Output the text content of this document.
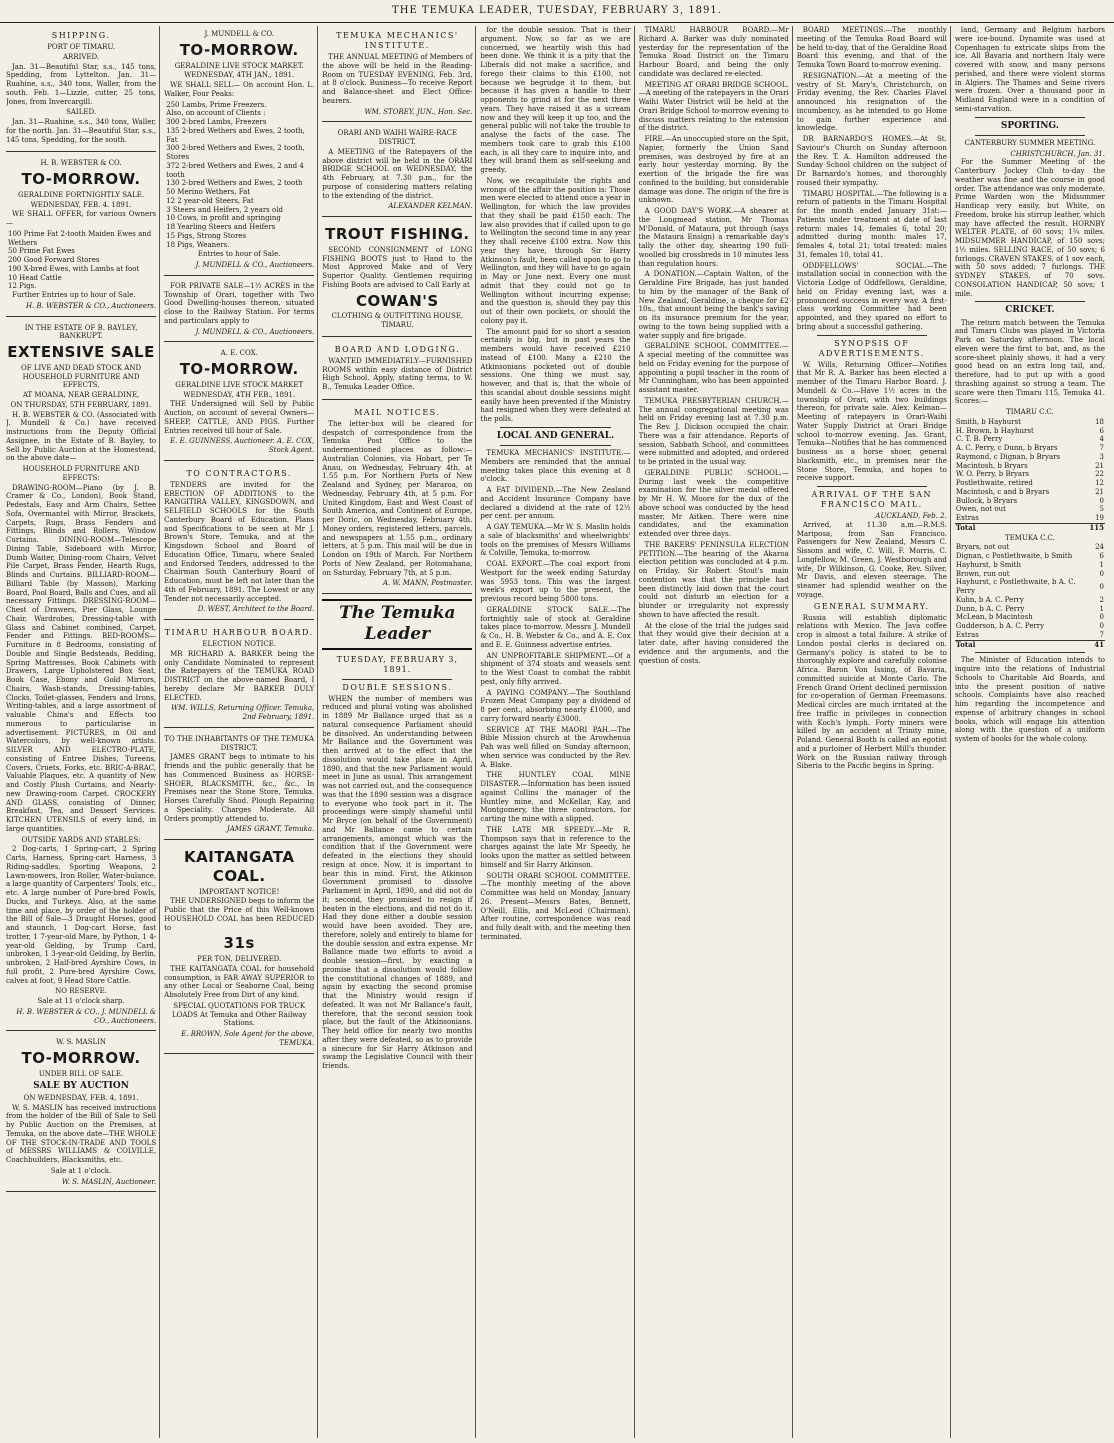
THE TEMUKA LEADER, TUESDAY, FEBRUARY 3, 1891.
SHIPPING.
PORT OF TIMARU.
ARRIVED.

Jan. 31—Beautiful Star, s.s., 145 tons, Spedding, from Lyttelton. Jan. 31—Ruahine, s.s., 340 tons, Waller, from the south. Feb. 1—Lizzie, cutter, 25 tons, Jones, from Invercargill.

SAILED.

Jan. 31—Ruahine, s.s., 340 tons, Waller, for the north. Jan. 31—Beautiful Star, s.s., 145 tons, Spedding, for the south.

H. B. WEBSTER & CO.
TO-MORROW.
GERALDINE FORTNIGHTLY SALE.
WEDNESDAY, FEB. 4. 1891.

WE SHALL OFFER, for various Owners—

100 Prime Fat 2-tooth Maiden Ewes and Wethers
50 Prime Fat Ewes
200 Good Forward Stores
190 X-bred Ewes, with Lambs at foot
10 Head Cattle
12 Pigs.

Further Entries up to hour of Sale.

H. B. WEBSTER & CO., Auctioneers.
IN THE ESTATE OF B. BAYLEY, BANKRUPT.
EXTENSIVE SALE
OF LIVE AND DEAD STOCK AND HOUSEHOLD FURNITURE AND EFFECTS,
AT MOANA, NEAR GERALDINE,
ON THURSDAY, 5TH FEBRUARY, 1891.

H. B. WEBSTER & CO. (Associated with J. Mundell & Co.) have received instructions from the Deputy Official Assignee, in the Estate of B. Bayley, to Sell by Public Auction at the Homestead, on the above date—

HOUSEHOLD FURNITURE AND EFFECTS:

DRAWING-ROOM—Piano (by J. B. Cramer & Co., London), Book Stand, Pedestals, Easy and Arm Chairs, Settee Sofa, Overmantel with Mirror, Brackets, Carpets, Rugs, Brass Fenders and Fittings, Blinds and Rollers, Window Curtains. DINING-ROOM—Telescope Dining Table, Sideboard with Mirror, Dumb Waiter, Dining-room Chairs, Velvet Pile Carpet, Brass Fender, Hearth Rugs, Blinds and Curtains. BILLIARD-ROOM—Billiard Table (by Masson), Marking Board, Pool Board, Balls and Cues, and all necessary Fittings. DRESSING-ROOM—Chest of Drawers, Pier Glass, Lounge Chair, Wardrobes, Dressing-table with Glass and Cabinet combined, Carpet, Fender and Fittings. BED-ROOMS—Furniture in 8 Bedrooms, consisting of Double and Single Bedsteads, Bedding, Spring Mattresses, Book Cabinets with Drawers, Large Upholstered Box Seat, Book Case, Ebony and Gold Mirrors, Chairs, Wash-stands, Dressing-tables, Clocks, Toilet-glasses, Fenders and Irons, Writing-tables, and a large assortment of valuable China's and Effects too numerous to particularise in advertisement. PICTURES, in Oil and Watercolors, by well-known artists. SILVER AND ELECTRO-PLATE, consisting of Entree Dishes, Tureens, Covers, Cruets, Forks, etc. BRIC-A-BRAC, Valuable Plaques, etc. A quantity of New and Costly Plush Curtains, and Nearly-new Drawing-room Carpet. CROCKERY AND GLASS, consisting of Dinner, Breakfast, Tea, and Dessert Services. KITCHEN UTENSILS of every kind, in large quantities.

OUTSIDE YARDS AND STABLES:

2 Dog-carts, 1 Spring-cart, 2 Spring Carts, Harness, Spring-cart Harness, 3 Riding-saddles, Sporting Weapons, 2 Lawn-mowers, Iron Roller, Water-bulance, a large quantity of Carpenters' Tools, etc., etc. A large number of Pure-bred Fowls, Ducks, and Turkeys. Also, at the same time and place, by order of the holder of the Bill of Sale—3 Draught Horses, good and staunch, 1 Dog-cart Horse, fast trotter, 1 7-year-old Mare, by Python, 1 4-year-old Gelding, by Trump Card, unbroken, 1 3-year-old Gelding, by Berlin, unbroken, 2 Half-bred Ayrshire Cows, in full profit, 2 Pure-bred Ayrshire Cows, calves at foot, 9 Head Store Cattle.

NO RESERVE.
Sale at 11 o'clock sharp.
H. B. WEBSTER & CO., J. MUNDELL & CO., Auctioneers.
W. S. MASLIN
TO-MORROW.
UNDER BILL OF SALE.
SALE BY AUCTION
ON WEDNESDAY, FEB. 4, 1891.

W. S. MASLIN has received instructions from the holder of the Bill of Sale to Sell by Public Auction on the Premises, at Temuka, on the above date—THE WHOLE OF THE STOCK-IN-TRADE AND TOOLS of MESSRS WILLIAMS & COLVILLE, Coachbuilders, Blacksmiths, etc.

Sale at 1 o'clock.
W. S. MASLIN, Auctioneer.
J. MUNDELL & CO.
TO-MORROW.
GERALDINE LIVE STOCK MARKET.
WEDNESDAY, 4TH JAN., 1891.

WE SHALL SELL— On account Hon. L. Walker, Four Peaks:

250 Lambs, Prime Freezers.
Also, on account of Clients :
300 2-bred Lambs, Freezers
135 2-bred Wethers and Ewes, 2 tooth, Fat
300 2-bred Wethers and Ewes, 2 tooth, Stores
372 2-bred Wethers and Ewes, 2 and 4 tooth
130 2-bred Wethers and Ewes, 2 tooth
50 Merino Wethers, Fat
12 2 year-old Steers, Fat
3 Steers and Heifers, 2 years old
10 Cows, in profit and springing
18 Yearling Steers and Heifers
15 Pigs, Strong Stores
18 Pigs, Weaners.
Entries to hour of Sale.
J. MUNDELL & CO., Auctioneers.

FOR PRIVATE SALE—1½ ACRES in the Township of Orari, together with Two Good Dwelling-houses thereon, situated close to the Railway Station. For terms and particulars apply to

J. MUNDELL & CO., Auctioneers.
A. E. COX.
TO-MORROW.
GERALDINE LIVE STOCK MARKET
WEDNESDAY, 4TH FEB., 1891.

THE Undersigned will Sell by Public Auction, on account of several Owners—SHEEP, CATTLE, AND PIGS. Further Entries received till hour of Sale.

E. E. GUINNESS, Auctioneer. A. E. COX, Stock Agent.
TO CONTRACTORS.

TENDERS are invited for the ERECTION OF ADDITIONS to the RANGITIRA VALLEY, KINGSDOWN, and SELFIELD SCHOOLS for the South Canterbury Board of Education. Plans and Specifications to be seen at Mr J. Brown's Store, Temuka, and at the Kingsdown School and Board of Education Office, Timaru, where Sealed and Endorsed Tenders, addressed to the Chairman South Canterbury Board of Education, must be left not later than the 4th of February, 1891. The Lowest or any Tender not necessarily accepted.

D. WEST, Architect to the Board.
TIMARU HARBOUR BOARD.
ELECTION NOTICE.

MR RICHARD A. BARKER being the only Candidate Nominated to represent the Ratepayers of the TEMUKA ROAD DISTRICT on the above-named Board, I hereby declare Mr BARKER DULY ELECTED.

WM. WILLS, Returning Officer. Temuka, 2nd February, 1891.
TO THE INHABITANTS OF THE TEMUKA DISTRICT.

JAMES GRANT begs to intimate to his friends and the public generally that he has Commenced Business as HORSE-SHOER, BLACKSMITH, &c., &c., In Premises near the Stone Store, Temuka. Horses Carefully Shod. Plough Repairing a Speciality. Charges Moderate. All Orders promptly attended to.

JAMES GRANT, Temuka.
KAITANGATA COAL.
IMPORTANT NOTICE!

THE UNDERSIGNED begs to inform the Public that the Price of this Well-known HOUSEHOLD COAL has been REDUCED to

31s
PER TON, DELIVERED.

THE KAITANGATA COAL for household consumption, is FAR AWAY SUPERIOR to any other Local or Seaborne Coal, being Absolutely Free from Dirt of any kind.

SPECIAL QUOTATIONS FOR TRUCK LOADS At Temuka and Other Railway Stations.
E. BROWN, Sole Agent for the above, TEMUKA.
TEMUKA MECHANICS' INSTITUTE.

THE ANNUAL MEETING of Members of the above will be held in the Reading-Room on TUESDAY EVENING, Feb. 3rd, at 8 o'clock. Business—To receive Report and Balance-sheet and Elect Office-bearers.

WM. STOREY, JUN., Hon. Sec.
ORARI AND WAIHI WAIRE-RACE DISTRICT.

A MEETING of the Ratepayers of the above district will be held in the ORARI BRIDGE SCHOOL on WEDNESDAY, the 4th February, at 7.30 p.m., for the purpose of considering matters relating to the extending of the district.

ALEXANDER KELMAN.
TROUT FISHING.

SECOND CONSIGNMENT of LONG FISHING BOOTS just to Hand to the Most Approved Make and of Very Superior Quality. Gentlemen requiring Fishing Boots are advised to Call Early at

COWAN'S
CLOTHING & OUTFITTING HOUSE, TIMARU.
BOARD AND LODGING.

WANTED IMMEDIATELY—FURNISHED ROOMS within easy distance of District High School. Apply, stating terms, to W. B., Temuka Leader Office.

MAIL NOTICES.

The letter-box will be cleared for despatch of correspondence from the Temuka Post Office to the undermentioned places as follow:— Australian Colonies, via Hobart, per Te Anau, on Wednesday, February 4th, at 1.55 p.m. For Northern Ports of New Zealand and Sydney, per Mararoa, on Wednesday, February 4th, at 5 p.m. For United Kingdom, East and West Coast of South America, and Continent of Europe, per Doric, on Wednesday, February 4th. Money orders, registered letters, parcels, and newspapers at 1.55 p.m., ordinary letters, at 5 p.m. This mail will be due in London on 19th of March. For Northern Ports of New Zealand, per Rotomahana, on Saturday, February 7th, at 5 p.m.

A. W. MANN, Postmaster.
The Temuka Leader
TUESDAY, FEBRUARY 3, 1891.
DOUBLE SESSIONS.

WHEN the number of members was reduced and plural voting was abolished in 1889 Mr Ballance urged that as a natural consequence Parliament should be dissolved. An understanding between Mr Ballance and the Government was then arrived at to the effect that the dissolution would take place in April, 1890, and that the new Parliament would meet in June as usual. This arrangement was not carried out, and the consequence was that the 1890 session was a disgrace to everyone who took part in it. The proceedings were simply shameful until Mr Bryce (on behalf of the Government) and Mr Ballance came to certain arrangements, amongst which was the condition that if the Government were defeated in the elections they should resign at once. Now, it is important to bear this in mind. First, the Atkinson Government promised to dissolve Parliament in April, 1890, and did not do it; second, they promised to resign if beaten in the elections, and did not do it. Had they done either a double session would have been avoided. They are, therefore, solely and entirely to blame for the double session and extra expense. Mr Ballance made two efforts to avoid a double session—first, by exacting a promise that a dissolution would follow the constitutional changes of 1889, and again by exacting the second promise that the Ministry would resign if defeated. It was not Mr Ballance's fault, therefore, that the second session took place, but the fault of the Atkinsonians. They held office for nearly two months after they were defeated, so as to provide a sinecure for Sir Harry Atkinson and swamp the Legislative Council with their friends.

for the double session. That is their argument. Now, so far as we are concerned, we heartily wish this had been done. We think it is a pity that the Liberals did not make a sacrifice, and forego their claims to this £100, not because we begrudge it to them, but because it has given a handle to their opponents to grind at for the next three years. They have raised it as a scream now and they will keep it up too, and the general public will not take the trouble to analyse the facts of the case. The members took care to grab this £100 each, is all they care to inquire into, and they will brand them as self-seeking and greedy.

Now, we recapitulate the rights and wrongs of the affair the position is: Those men were elected to attend once a year in Wellington, for which the law provides that they shall be paid £150 each. The law also provides that if called upon to go to Wellington the second time in any year they shall receive £100 extra. Now this year they have, through Sir Harry Atkinson's fault, been called upon to go to Wellington, and they will have to go again in May or June next. Every one must admit that they could not go to Wellington without incurring expense; and the question is, should they pay this out of their own pockets, or should the colony pay it.

The amount paid for so short a session certainly is big, but in past years the members would have received £210 instead of £100. Many a £210 the Atkinsonians pocketed out of double sessions. One thing we must say, however, and that is, that the whole of this scandal about double sessions might easily have been prevented if the Ministry had resigned when they were defeated at the polls.

LOCAL AND GENERAL.

TEMUKA MECHANICS' INSTITUTE.—Members are reminded that the annual meeting takes place this evening at 8 o'clock.

A FAT DIVIDEND.—The New Zealand and Accident Insurance Company have declared a dividend at the rate of 12½ per cent. per annum.

A GAY TEMUKA.—Mr W. S. Maslin holds a sale of blacksmiths' and wheelwrights' tools on the premises of Messrs Williams & Colville, Temuka, to-morrow.

COAL EXPORT.—The coal export from Westport for the week ending Saturday was 5953 tons. This was the largest week's export up to the present, the previous record being 5800 tons.

GERALDINE STOCK SALE.—The fortnightly sale of stock at Geraldine takes place to-morrow. Messrs J. Mundell & Co., H. B. Webster & Co., and A. E. Cox and E. E. Guinness advertise entries.

AN UNPROFITABLE SHIPMENT.—Of a shipment of 374 stoats and weasels sent to the West Coast to combat the rabbit pest, only fifty arrived.

A PAYING COMPANY.—The Southland Frozen Meat Company pay a dividend of 8 per cent., absorbing nearly £1000, and carry forward nearly £3000.

SERVICE AT THE MAORI PAH.—The Bible Mission church at the Arowhenua Pah was well filled on Sunday afternoon, when service was conducted by the Rev. A. Blake.

THE HUNTLEY COAL MINE DISASTER.—Information has been issued against Collins the manager of the Huntley mine, and McKellar, Kay, and Montgomery, the three contractors, for carting the mine with a slipped.

THE LATE MR SPEEDY.—Mr R. Thompson says that in reference to the charges against the late Mr Speedy, he looks upon the matter as settled between himself and Sir Harry Atkinson.

SOUTH ORARI SCHOOL COMMITTEE.—The monthly meeting of the above Committee was held on Monday, January 26. Present—Messrs Bates, Bennett, O'Neill, Ellis, and McLeod (Chairman). After routine, correspondence was read and fully dealt with, and the meeting then terminated.

TIMARU HARBOUR BOARD.—Mr Richard A. Barker was duly nominated yesterday for the representation of the Temuka Road District on the Timaru Harbour Board, and being the only candidate was declared re-elected.

MEETING AT ORARI BRIDGE SCHOOL.—A meeting of the ratepayers in the Orari Waihi Water District will be held at the Orari Bridge School to-morrow evening to discuss matters relating to the extension of the district.

FIRE.—An unoccupied store on the Spit, Napier, formerly the Union Sand premises, was destroyed by fire at an early hour yesterday morning. By the exertion of the brigade the fire was confined to the building, but considerable damage was done. The origin of the fire is unknown.

A GOOD DAY'S WORK.—A shearer at the Longmead station, Mr Thomas M'Donald, of Mataura, put through (says the Mataura Ensign) a remarkable day's tally the other day, shearing 190 full-woolled big crossbreds in 10 minutes less than regulation hours.

A DONATION.—Captain Walton, of the Geraldine Fire Brigade, has just handed to him by the manager of the Bank of New Zealand, Geraldine, a cheque for £2 10s., that amount being the bank's saving on its insurance premium for the year, owing to the town being supplied with a water supply and fire brigade.

GERALDINE SCHOOL COMMITTEE.—A special meeting of the committee was held on Friday evening for the purpose of appointing a pupil teacher in the room of Mr Cunningham, who has been appointed assistant master.

TEMUKA PRESBYTERIAN CHURCH.—The annual congregational meeting was held on Friday evening last at 7.30 p.m. The Rev. J. Dickson occupied the chair. There was a fair attendance. Reports of session, Sabbath School, and committees were submitted and adopted, and ordered to be printed in the usual way.

GERALDINE PUBLIC SCHOOL.—During last week the competitive examination for the silver medal offered by Mr H. W. Moore for the dux of the above school was conducted by the head master, Mr Aitken. There were nine candidates, and the examination extended over three days.

THE BAKERS' PENINSULA ELECTION PETITION.—The hearing of the Akaroa election petition was concluded at 4 p.m. on Friday. Sir Robert Stout's main contention was that the principle had been distinctly laid down that the court could not disturb an election for a blunder or irregularity not expressly shown to have affected the result.

At the close of the trial the judges said that they would give their decision at a later date, after having considered the evidence and the arguments, and the question of costs.

BOARD MEETINGS.—The monthly meeting of the Temuka Road Board will be held to-day, that of the Geraldine Road Board this evening, and that of the Temuka Town Board to-morrow evening.

RESIGNATION.—At a meeting of the vestry of St. Mary's, Christchurch, on Friday evening, the Rev. Charles Flavel announced his resignation of the incumbency, as he intended to go Home to gain further experience and knowledge.

DR BARNARDO'S HOMES.—At St. Saviour's Church on Sunday afternoon the Rev. T. A. Hamilton addressed the Sunday School children on the subject of Dr Barnardo's homes, and thoroughly roused their sympathy.

TIMARU HOSPITAL.—The following is a return of patients in the Timaru Hospital for the month ended January 31st:—Patients under treatment at date of last return: males 14, females 6, total 20; admitted during month: males 17, females 4, total 21; total treated: males 31, females 10, total 41.

ODDFELLOWS' SOCIAL.—The installation social in connection with the Victoria Lodge of Oddfellows, Geraldine, held on Friday evening last, was a pronounced success in every way. A first-class working Committee had been appointed, and they spared no effort to bring about a successful gathering.

SYNOPSIS OF ADVERTISEMENTS.

W. Wills, Returning Officer—Notifies that Mr R. A. Barker has been elected a member of the Timaru Harbor Board. J. Mundell & Co.—Have 1½ acres in the township of Orari, with two buildings thereon, for private sale. Alex. Kelman—Meeting of ratepayers in Orari-Waihi Water Supply District at Orari Bridge school to-morrow evening. Jas. Grant, Temuka—Notifies that he has commenced business as a horse shoer, general blacksmith, etc., in premises near the Stone Store, Temuka, and hopes to receive support.

ARRIVAL OF THE SAN FRANCISCO MAIL.
AUCKLAND, Feb. 2.

Arrived, at 11.30 a.m.—R.M.S. Mariposa, from San Francisco. Passengers for New Zealand, Messrs C. Sissons and wife, C. Will, F. Morris, C. Longfellow, M. Green, J. Westborough and wife, Dr Wilkinson, G. Cooke, Rev. Silver, Mr Davis, and eleven steerage. The steamer had splendid weather on the voyage.

GENERAL SUMMARY.

Russia will establish diplomatic relations with Mexico. The Java coffee crop is almost a total failure. A strike of London postal clerks is declared on. Germany's policy is stated to be to thoroughly explore and carefully colonise Africa. Baron Von Issing, of Bavaria, committed suicide at Monte Carlo. The French Grand Orient declined permission for co-operation of German Freemasons. Medical circles are much irritated at the free traffic in privileges in connection with Koch's lymph. Forty miners were killed by an accident at Trinity mine, Poland. General Booth is called an egotist and a purloiner of Herbert Mill's thunder. Work on the Russian railway through Siberia to the Pacific begins in Spring.

land, Germany and Belgium harbors were ice-bound. Dynamite was used at Copenhagen to extricate ships from the ice. All Bavaria and northern Italy were covered with snow, and many persons perished, and there were violent storms in Algiers. The Thames and Seine rivers were frozen. Over a thousand poor in Midland England were in a condition of semi-starvation.

SPORTING.
CANTERBURY SUMMER MEETING.
CHRISTCHURCH, Jan. 31.

For the Summer Meeting of the Canterbury Jockey Club to-day the weather was fine and the course in good order. The attendance was only moderate. Prime Warden won the Midsummer Handicap very easily, but White, on Freedom, broke his stirrup leather, which may have affected the result. HORNBY WELTER PLATE, of 60 sovs; 1¼ miles. MIDSUMMER HANDICAP, of 150 sovs; 1½ miles. SELLING RACE, of 50 sovs; 6 furlongs. CRAVEN STAKES, of 1 sov each, with 50 sovs added; 7 furlongs. THE SYDNEY STAKES, of 70 sovs. CONSOLATION HANDICAP, 50 sovs; 1 mile.

CRICKET.

The return match between the Temuka and Timaru Clubs was played in Victoria Park on Saturday afternoon. The local eleven were the first to bat, and, as the score-sheet plainly shows, it had a very good head on an extra long tail, and, therefore, had to put up with a good thrashing against so strong a team. The score were then Timaru 115, Temuka 41. Scores:—

TIMARU C.C.
Smith, b Hayhurst	18
H. Brown, b Hayhurst	6
C. T. B. Perry	4
A. C. Perry, c Dunn, b Bryars	7
Raymond, c Dignan, b Bryars	3
Macintosh, b Bryars	21
W. O. Perry, b Bryars	22
Postlethwaite, retired	12
Macintosh, c and b Bryars	21
Bullock, b Bryars	0
Owen, not out	5
Extras	19
Total	115
TEMUKA C.C.
Bryars, not out	24
Dignan, c Postlethwaite, b Smith	6
Hayhurst, b Smith	1
Brown, run out	0
Hayhurst, c Postlethwaite, b A. C. Perry	0
Kuhn, b A. C. Perry	2
Dunn, b A. C. Perry	1
McLean, b Macintosh	0
Gudderson, b A. C. Perry	0
Extras	7
Total	41

The Minister of Education intends to inquire into the relations of Industrial Schools to Charitable Aid Boards, and into the present position of native schools. Complaints have also reached him regarding the incompetence and expense of arbitrary changes in school books, which will engage his attention along with the question of a uniform system of books for the whole colony.
